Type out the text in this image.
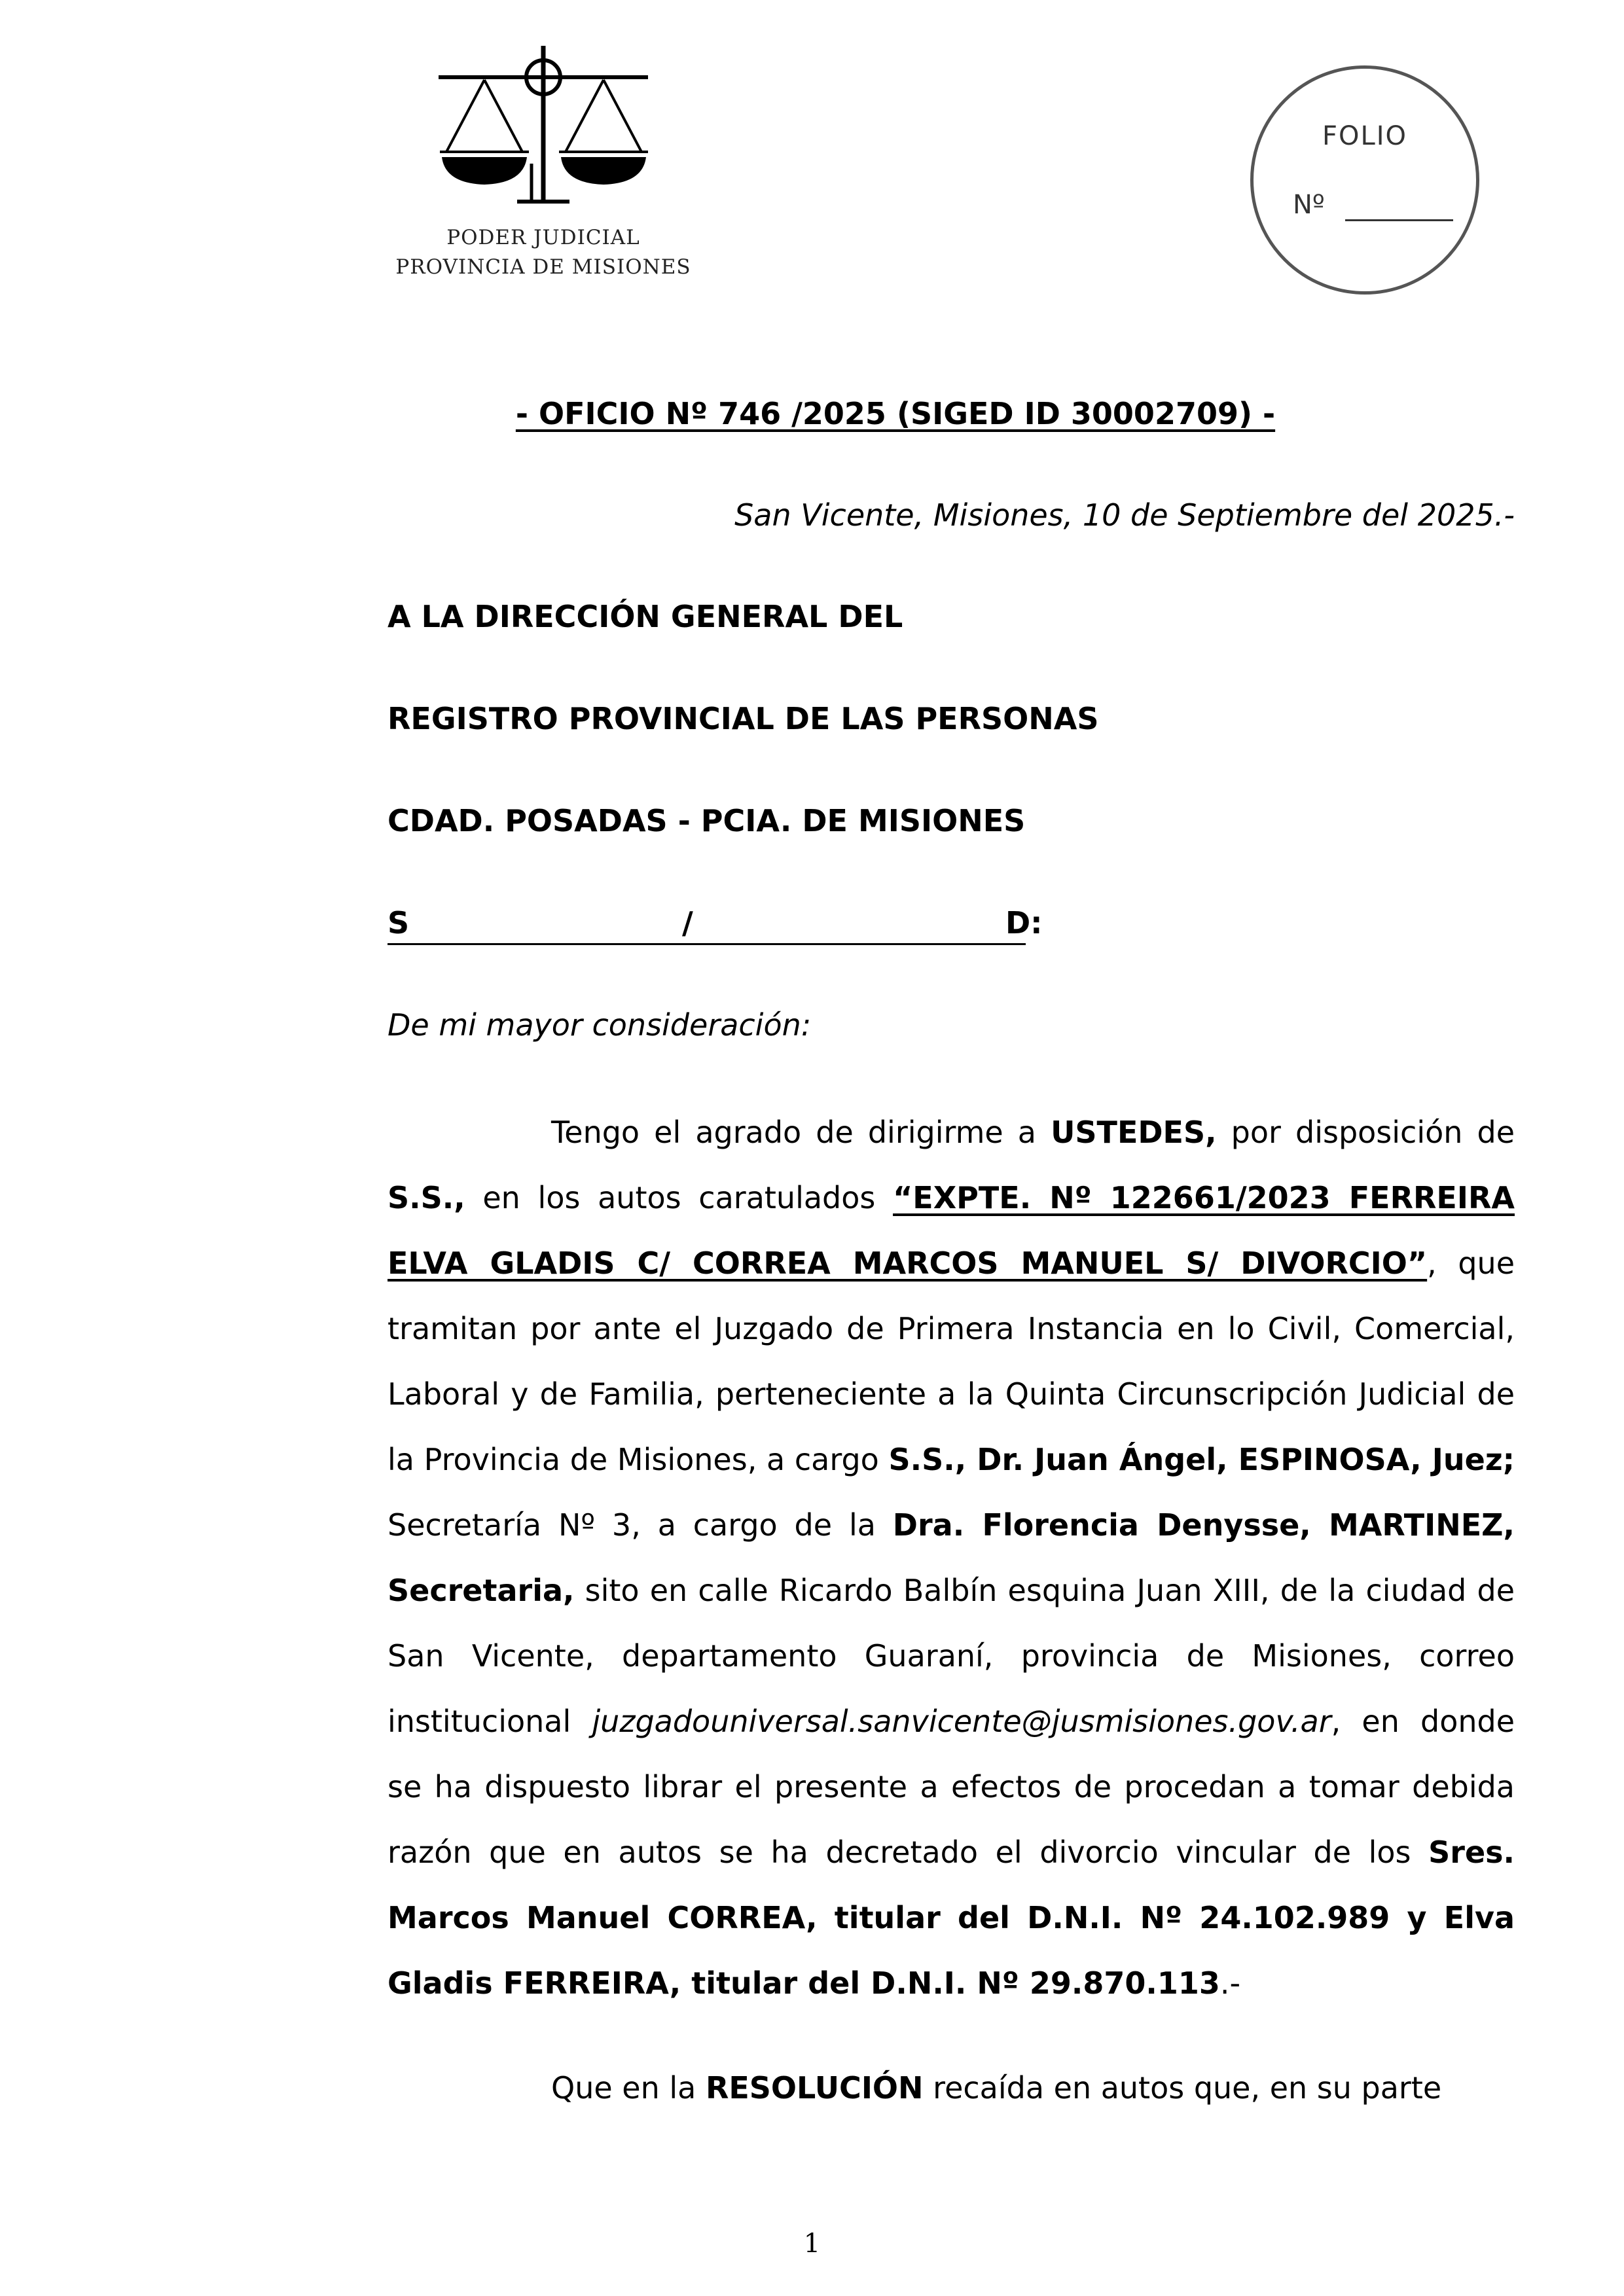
PODER JUDICIAL
PROVINCIA DE MISIONES
FOLIO
Nº
- OFICIO Nº 746 /2025 (SIGED ID 30002709) -
San Vicente, Misiones, 10 de Septiembre del 2025.-
A LA DIRECCIÓN GENERAL DEL
REGISTRO PROVINCIAL DE LAS PERSONAS
CDAD. POSADAS - PCIA. DE MISIONES
S	/	D:
De mi mayor consideración:
Tengo el agrado de dirigirme a USTEDES, por disposición de S.S., en los autos caratulados “EXPTE. Nº 122661/2023 FERREIRA ELVA GLADIS C/ CORREA MARCOS MANUEL S/ DIVORCIO”, que tramitan por ante el Juzgado de Primera Instancia en lo Civil, Comercial, Laboral y de Familia, perteneciente a la Quinta Circunscripción Judicial de la Provincia de Misiones, a cargo S.S., Dr. Juan Ángel, ESPINOSA, Juez; Secretaría Nº 3, a cargo de la Dra. Florencia Denysse, MARTINEZ, Secretaria, sito en calle Ricardo Balbín esquina Juan XIII, de la ciudad de San Vicente, departamento Guaraní, provincia de Misiones, correo institucional juzgadouniversal.sanvicente@jusmisiones.gov.ar, en donde se ha dispuesto librar el presente a efectos de procedan a tomar debida razón que en autos se ha decretado el divorcio vincular de los Sres. Marcos Manuel CORREA, titular del D.N.I. Nº 24.102.989 y Elva Gladis FERREIRA, titular del D.N.I. Nº 29.870.113.-
Que en la RESOLUCIÓN recaída en autos que, en su parte
1
